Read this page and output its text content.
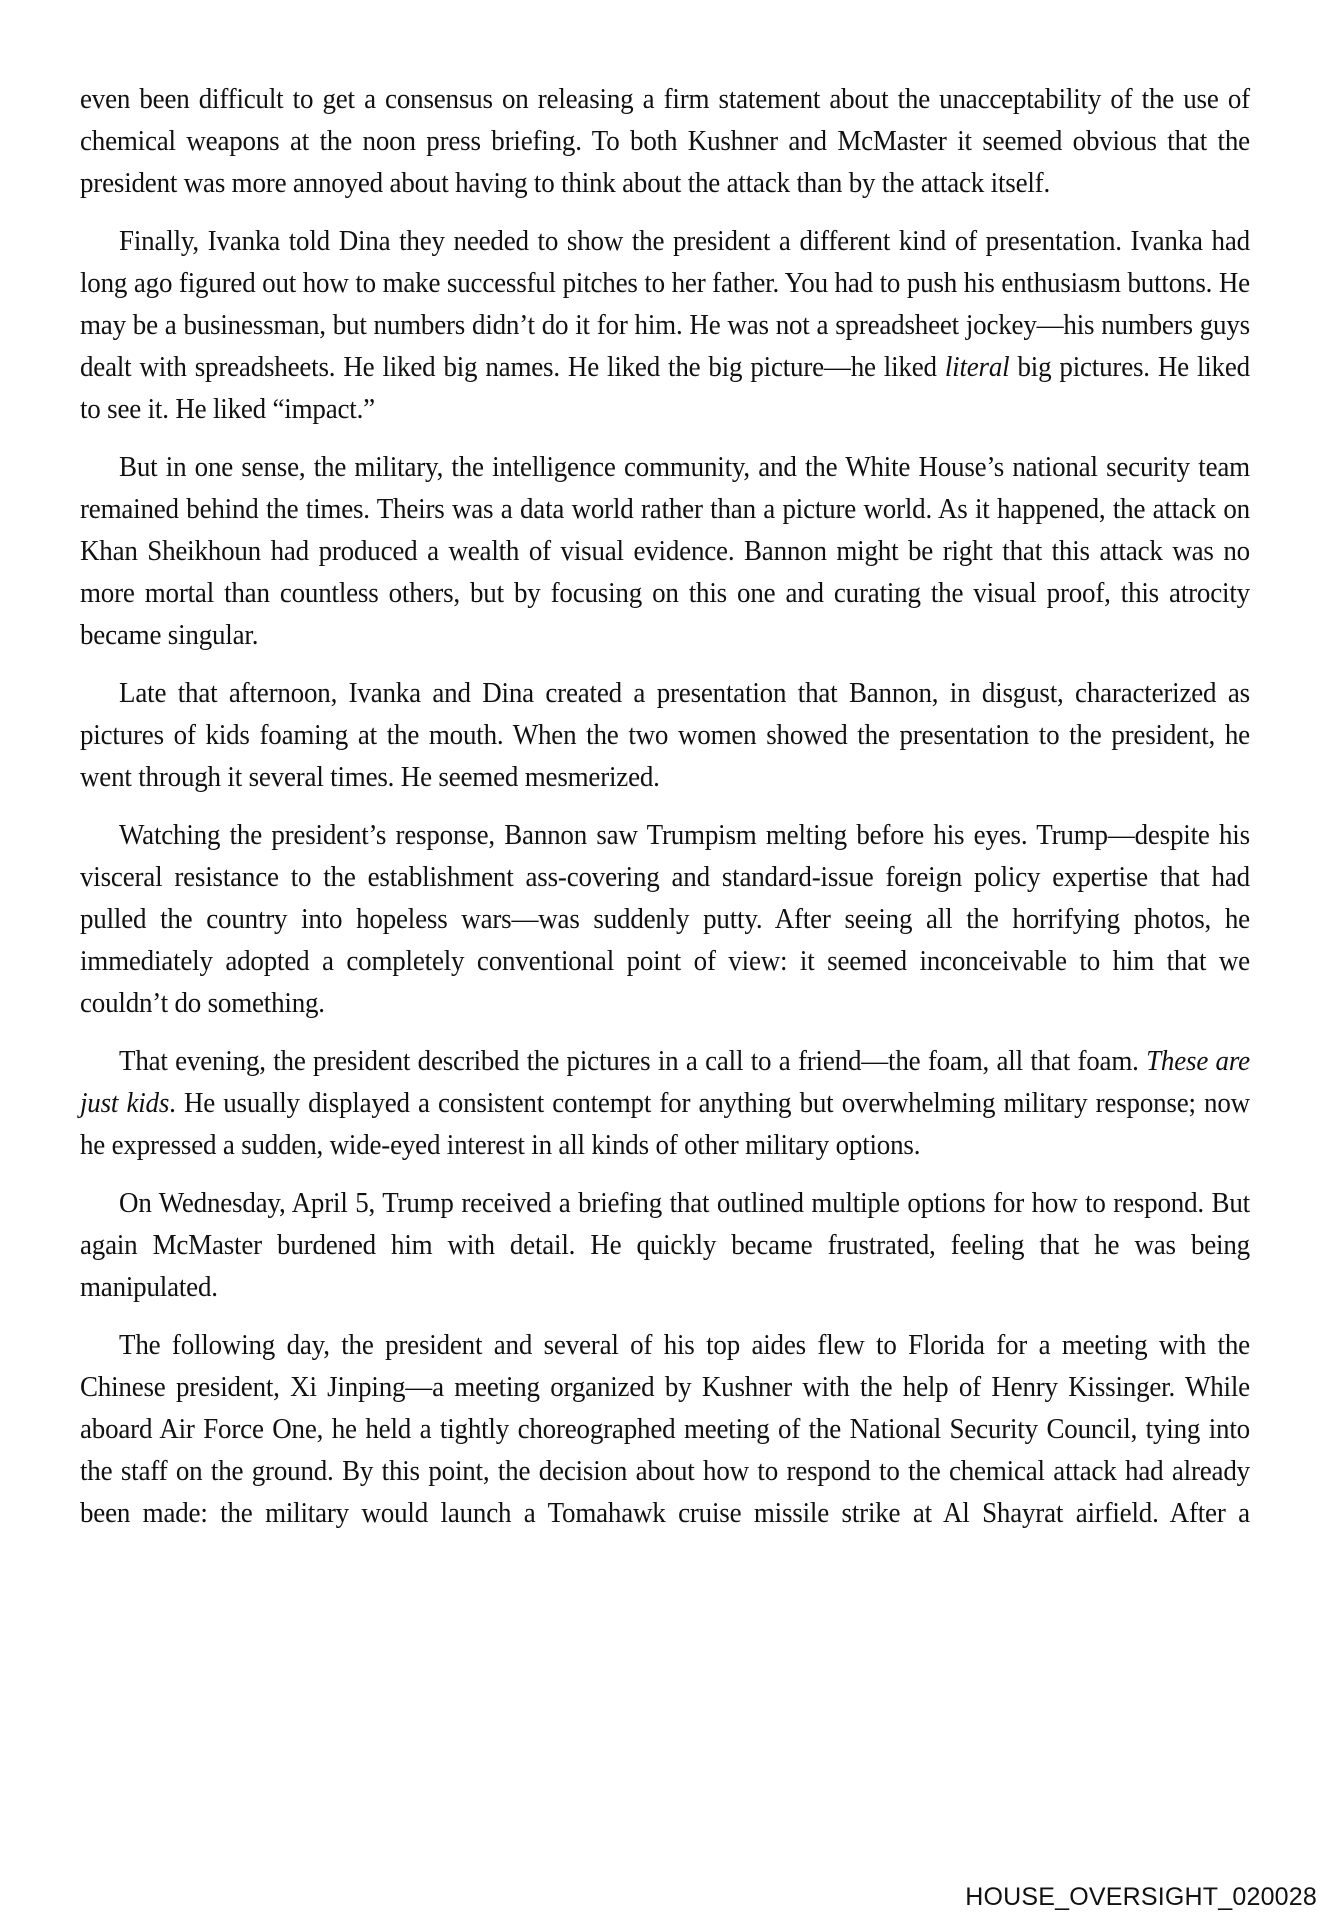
even been difficult to get a consensus on releasing a firm statement about the unacceptability of the use of chemical weapons at the noon press briefing. To both Kushner and McMaster it seemed obvious that the president was more annoyed about having to think about the attack than by the attack itself.

Finally, Ivanka told Dina they needed to show the president a different kind of presentation. Ivanka had long ago figured out how to make successful pitches to her father. You had to push his enthusiasm buttons. He may be a businessman, but numbers didn’t do it for him. He was not a spreadsheet jockey—his numbers guys dealt with spreadsheets. He liked big names. He liked the big picture—he liked literal big pictures. He liked to see it. He liked “impact.”

But in one sense, the military, the intelligence community, and the White House’s national security team remained behind the times. Theirs was a data world rather than a picture world. As it happened, the attack on Khan Sheikhoun had produced a wealth of visual evidence. Bannon might be right that this attack was no more mortal than countless others, but by focusing on this one and curating the visual proof, this atrocity became singular.

Late that afternoon, Ivanka and Dina created a presentation that Bannon, in disgust, characterized as pictures of kids foaming at the mouth. When the two women showed the presentation to the president, he went through it several times. He seemed mesmerized.

Watching the president’s response, Bannon saw Trumpism melting before his eyes. Trump—despite his visceral resistance to the establishment ass-covering and standard-issue foreign policy expertise that had pulled the country into hopeless wars—was suddenly putty. After seeing all the horrifying photos, he immediately adopted a completely conventional point of view: it seemed inconceivable to him that we couldn’t do something.

That evening, the president described the pictures in a call to a friend—the foam, all that foam. These are just kids. He usually displayed a consistent contempt for anything but overwhelming military response; now he expressed a sudden, wide-eyed interest in all kinds of other military options.

On Wednesday, April 5, Trump received a briefing that outlined multiple options for how to respond. But again McMaster burdened him with detail. He quickly became frustrated, feeling that he was being manipulated.

The following day, the president and several of his top aides flew to Florida for a meeting with the Chinese president, Xi Jinping—a meeting organized by Kushner with the help of Henry Kissinger. While aboard Air Force One, he held a tightly choreographed meeting of the National Security Council, tying into the staff on the ground. By this point, the decision about how to respond to the chemical attack had already been made: the military would launch a Tomahawk cruise missile strike at Al Shayrat airfield. After a

HOUSE_OVERSIGHT_020028
